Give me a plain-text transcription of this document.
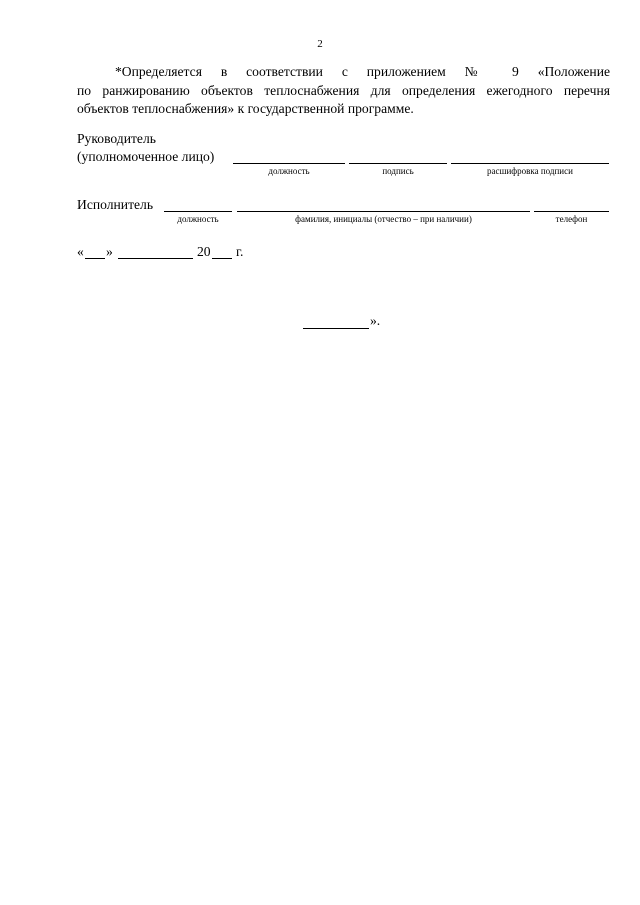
2
*Определяется в соответствии с приложением № 9 «Положение
по ранжированию объектов теплоснабжения для определения ежегодного перечня
объектов теплоснабжения» к государственной программе.
Руководитель
(уполномоченное лицо)
должность	подпись	расшифровка подписи
Исполнитель
должность	фамилия, инициалы (отчество – при наличии)	телефон
« »	20 г.
».
